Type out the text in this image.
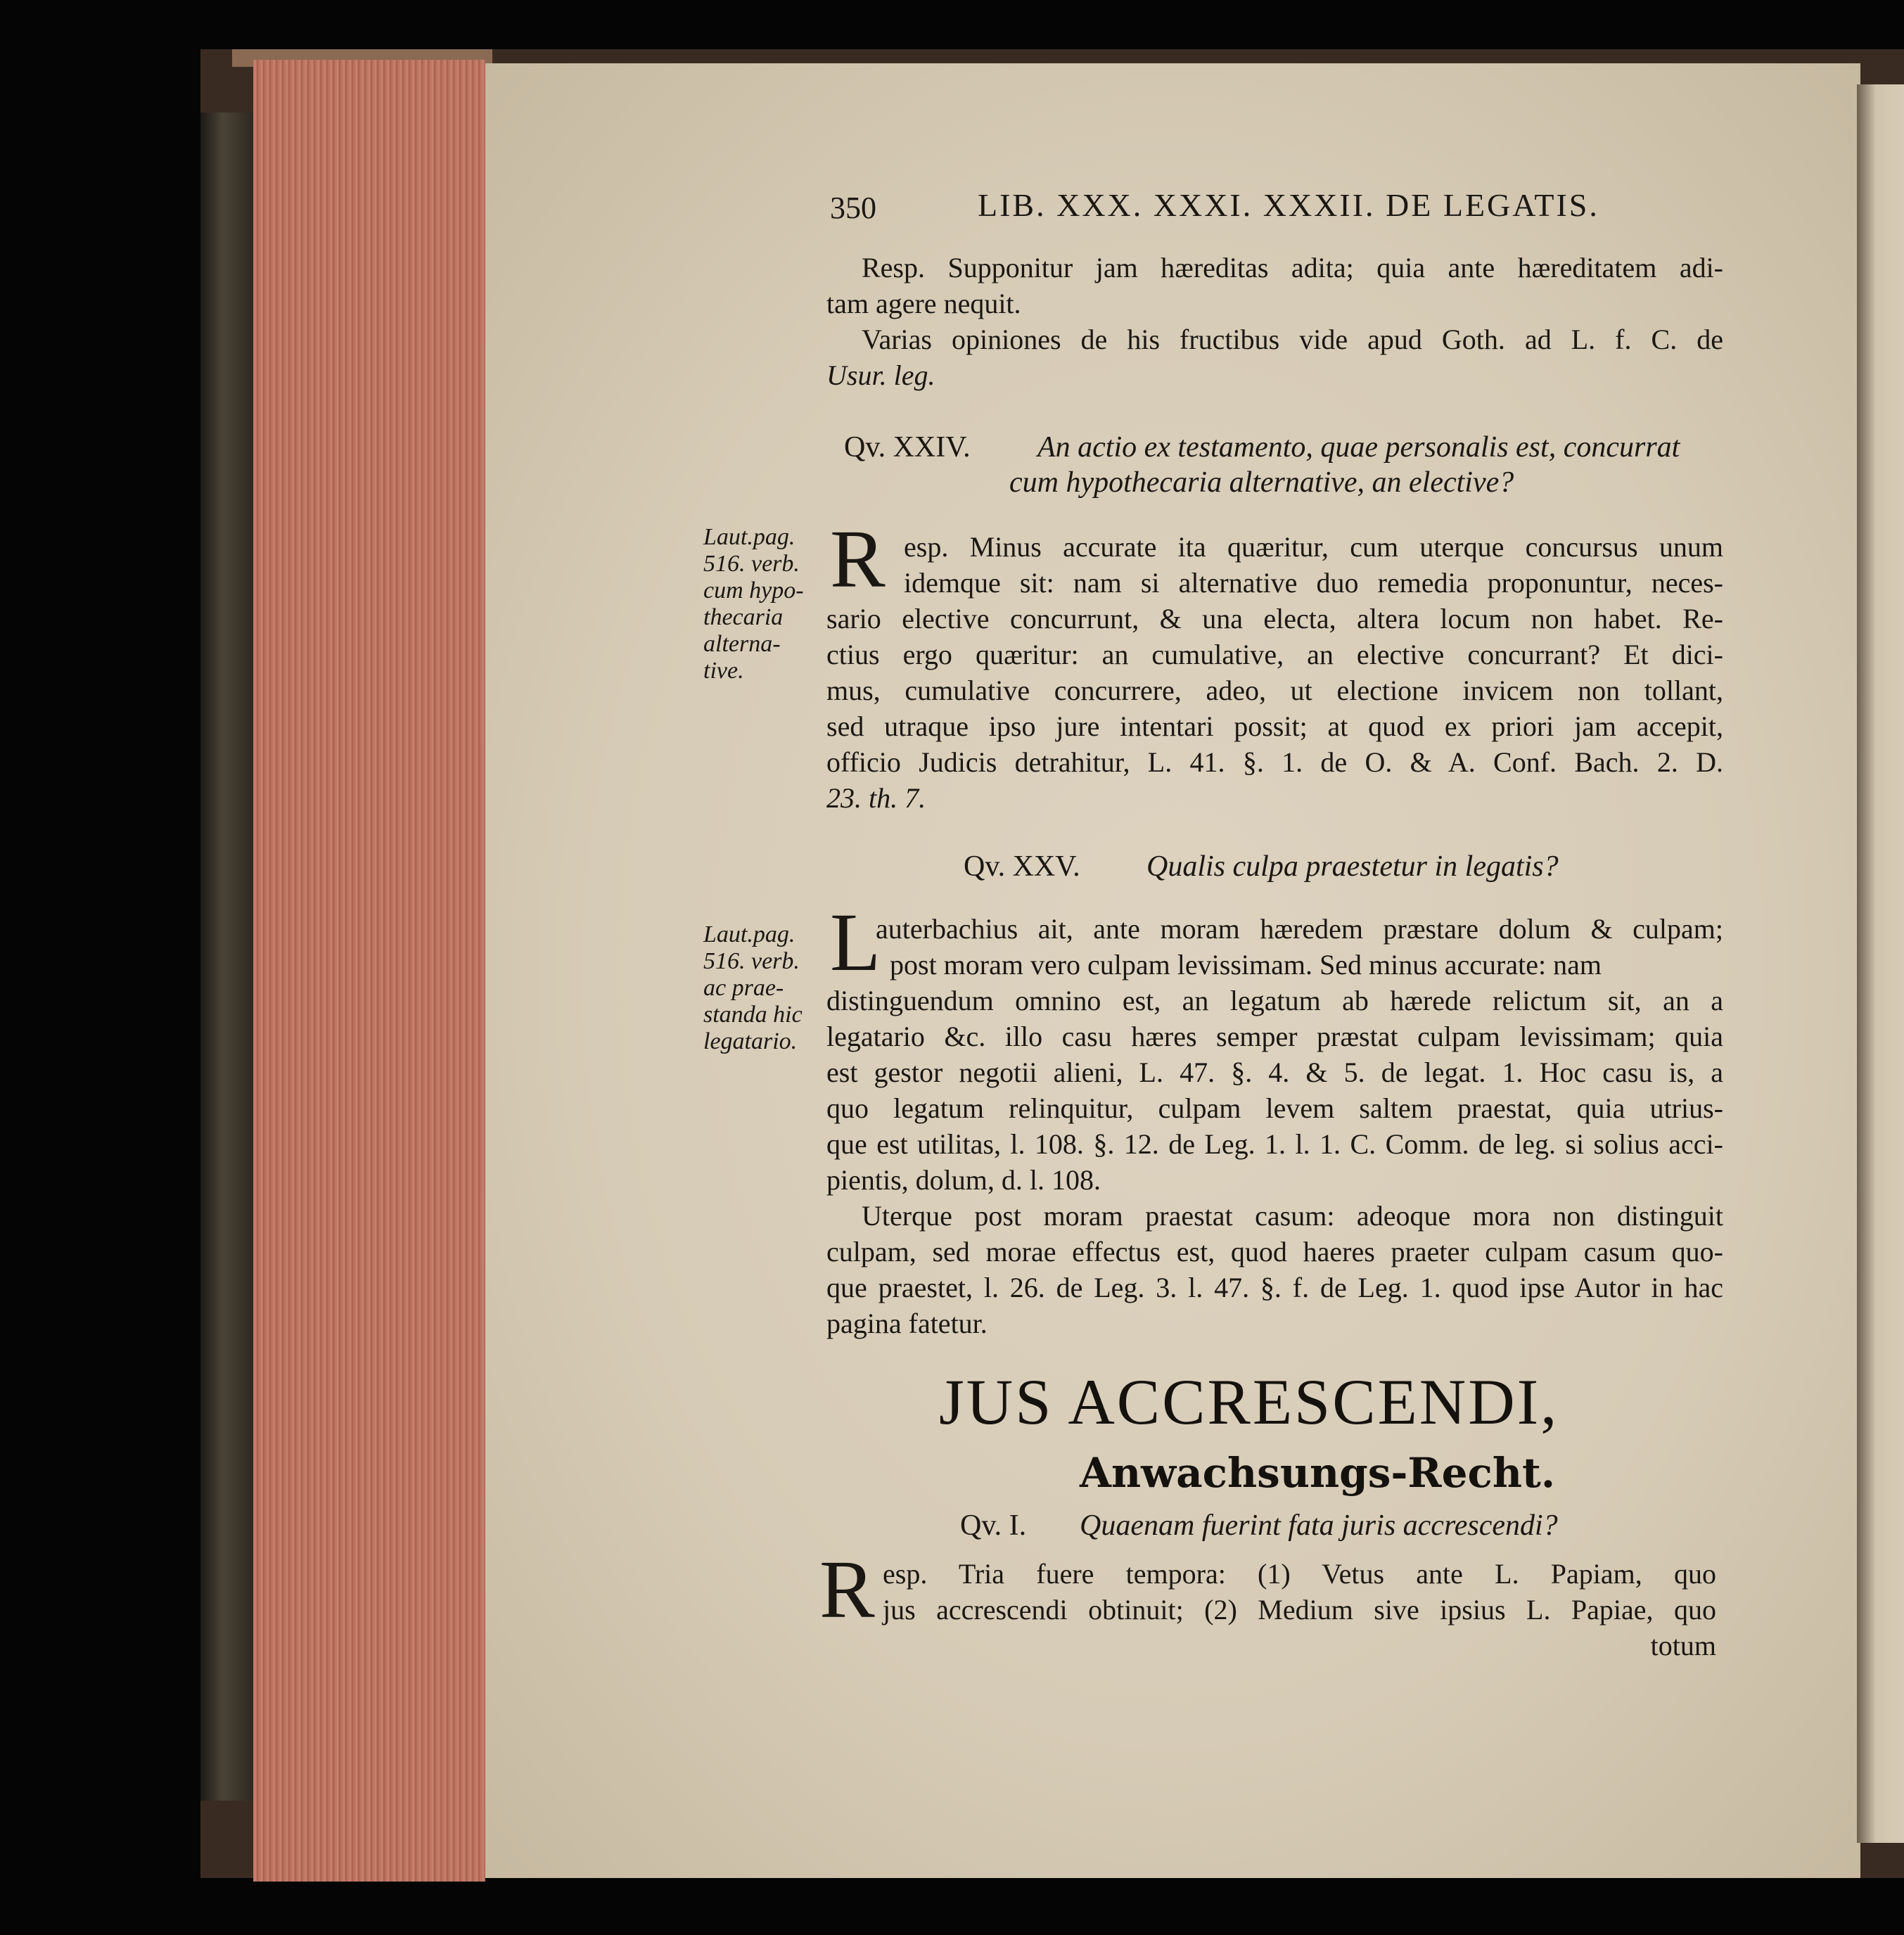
350	LIB. XXX. XXXI. XXXII. DE LEGATIS.
Resp. Supponitur jam hæreditas adita; quia ante hæreditatem adi-
tam agere nequit.
Varias opiniones de his fructibus vide apud Goth. ad L. f. C. de
Usur. leg.
Qv. XXIV. An actio ex testamento, quae personalis est, concurrat
cum hypothecaria alternative, an elective?
Laut.pag.
516. verb.
cum hypo-
thecaria
alterna-
tive.
R esp. Minus accurate ita quæritur, cum uterque concursus unum
idemque sit: nam si alternative duo remedia proponuntur, neces-
sario elective concurrunt, & una electa, altera locum non habet. Re-
ctius ergo quæritur: an cumulative, an elective concurrant? Et dici-
mus, cumulative concurrere, adeo, ut electione invicem non tollant,
sed utraque ipso jure intentari possit; at quod ex priori jam accepit,
officio Judicis detrahitur, L. 41. §. 1. de O. & A. Conf. Bach. 2. D.
23. th. 7.
Qv. XXV. Qualis culpa praestetur in legatis?
Laut.pag.
516. verb.
ac prae-
standa hic
legatario.
L
auterbachius ait, ante moram hæredem præstare dolum & culpam;
post moram vero culpam levissimam. Sed minus accurate: nam
distinguendum omnino est, an legatum ab hærede relictum sit, an a
legatario &c. illo casu hæres semper præstat culpam levissimam; quia
est gestor negotii alieni, L. 47. §. 4. & 5. de legat. 1. Hoc casu is, a
quo legatum relinquitur, culpam levem saltem praestat, quia utrius-
que est utilitas, l. 108. §. 12. de Leg. 1. l. 1. C. Comm. de leg. si solius acci-
pientis, dolum, d. l. 108.
Uterque post moram praestat casum: adeoque mora non distinguit
culpam, sed morae effectus est, quod haeres praeter culpam casum quo-
que praestet, l. 26. de Leg. 3. l. 47. §. f. de Leg. 1. quod ipse Autor in hac
pagina fatetur.
JUS ACCRESCENDI,
Anwachsungs-Recht.
Qv. I. Quaenam fuerint fata juris accrescendi?
R esp. Tria fuere tempora: (1) Vetus ante L. Papiam, quo
jus accrescendi obtinuit; (2) Medium sive ipsius L. Papiae, quo
totum
